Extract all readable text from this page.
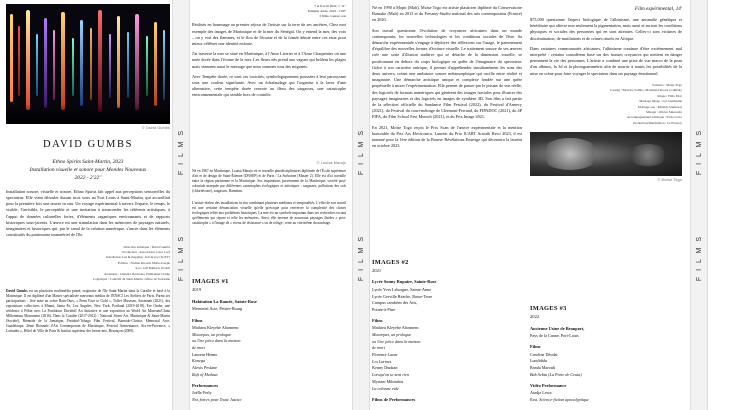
F I L M S
F I L M S
F I L M S
F I L M S
F I L M S
F I L M S
© David Gumbs
DAVID GUMBS
Ethno Spirits Saint-Martin, 2023
Installation visuelle et sonore pour Mondes Nouveaux
2022 - 2'22"

Installation sonore, visuelle et sonore, Ethno Spirits fait appel aux perceptions sensorielles du spectateur. Elle vient dérouler durant trois soirs au Fort Louis à Saint-Martin, qui accueillait pour la première fois une œuvre in situ. Un voyage expérimental à travers l'espace, le temps, le visible, l'invisible, le perceptible et une invitation à transcender les référents artistiques, à l'appui de données culturelles fortes, d'éléments organiques environnants et de rapports historiques sous-jacents. L'œuvre est une stimulation dans les mémoires de paysages naturels, imaginaires et historiques qui, par le canal de la création numérique, s'ancre dans les éléments constitutifs du patrimoine immatériel de l'île.

Direction artistique : David Gumbs
Production : Association Color Leaf
Installation Led & mapping : Kévin Joy (In-EY)
Édition : Nadine Ricardo Marie-Joseph
Son : Jeff Baillard, Ovaldi
Assistants : Chandra Ravinoka, Emmanuel Clarke
Logistique : Collectif de Saint-Martin, Office de Tourisme
David Gumbs est un plasticien multimédia primé, originaire de l'île Saint-Martin dans la Caraïbe et basé à la Martinique. Il est diplômé d'un Master spécialisée nouveaux médias de l'ENSCI Les Ateliers de Paris. Parmi ses participations : 1ère mise en scène Bain-Ours, « Prem Face to Gold », Toffer Museum, Savannah (2021), des expositions collectives à Miami, Santa Fe, Los Angeles, New York, Portland (2019-2018), Ere Ombe, une résidence à Pékin avec La Fondation Davidoff Art Initiative et une exposition au World Art Museum/China Millennium Monument (2016). Dans la Caraïbe (2017-2012) : National Street Art, Martinique & Saint-Martin (Société), Biennale de la Jamaïque, Pintobal-Tobago Film Festival, Barnado-Christa, Mémorial Acte, Guadeloupe, 2ème Biennale d'Art Contemporain de Martinique, Festival Artmemance, Aix-en-Provence, « Latitudes », Hôtel de Ville de Paris & Institut supérieur des beaux-arts, Besançon (2009).
7 et 8 avril 2022, 1' 11"
Tempête dorée, 2022 - 1'09"
3 films couleur, son

Réalisés en hommage au premier séjour de l'artiste sur la terre de ses ancêtres, Chez moi exemple des images de Martinique et de la mer du Sénégal. On y entend la mer, des voix – on y voit des flammes, et le flou de l'écume et de la fumée démie entre ces eaux pour mieux célébrer une identité enfouie.

J'ai traversé la mer se situe en Martinique, à l'Anse Lierrier et à l'Anse Charpentier où une nuée dorée dans l'écume de la mer. Les fleurs nés prend aux vagues qui brûlent les plages mais viennent aussi le message que nous sommes tous des migrants.

Avec Tempête dorée, ce sont ces toxicités, symbologiquement poussées à leur paroxysme sous une couleur signifiante. Avec un échafaudage qui l'organise à la laver d'une alternative, cette tempête dorée renvoie au fléau des sargasses, une catastrophe environnementale qui semble hors de contrôle.

© Louisa Marajo

Né en 1967 en Martinique, Louisa Marajo vit et travaille pluridisciplinaires diplômée de l'École supérieure d'art et de design de Saint-Étienne (DNSEP) et de Paris / La Sorbonne (Master 2). Elle est d'ici travaille entre la région parisienne et la Martinique. Ses inspirations proviennent de la Martinique, société post-coloniale marquée par différentes catastrophes écologiques et artistiques : sargasses, pollutions des sols (chlordécone), sargasses, Ramdom.

L'artiste réalise des installations in situ combinant plusieurs médiums et temporalités. L'effet de son travail est une certaine dénonciation visuelle qu'elle provoque pour renverser la complexité des choses écologiques reliés aux problèmes historiques. La mer est un symbole important dans ses recherches en tant qu'éléments qui sépare et relie les mémoires. Ainsi, elle invente de nouveaux paysages fluides « post-catastrophe » à l'image de « voeux de résistance » ou de refuge ; tenir au vite même du naufrage.

Né en 1990 à Mopti (Mali), Moïse Togo est artiste plasticien diplômé du Conservatoire Bamako (Mali) en 2013 et du Fresnoy-Studio national des arts contemporains (France) en 2020.

Son travail questionne l'évolution de croyances africaines dans un monde contemporain, les nouvelles technologies et les conditions sociales de l'être. Sa démarche expérimentale s'engage à déployer des réflexions sur l'usage, le paternement d'équilibre des nouvelles formes d'écriture visuelle. Le traitement sonore de ses œuvres crée une sorte d'illusion auditive qui se détache de la dimension visuelle, se positionnant en dehors du corps biologique en quête de l'imaginaire du spectateur. Grâce à son caractère onirique, il permet d'appréhender simultanément les sons des deux univers, créant une ambiance sonore métamorphique qui oscille entre réalité et imaginaire. Une démarche artistique unique et complexe fondée sur une quête perpétuelle à mixer l'expérimentation. Elle permet de passer par le prisme de vue réelle, des logiciels de formats numériques qui génèrent des images fractales pour illustrer des paysages imaginaires et des logiciels en images de synthèse 3D. Son film a fait partie de la sélection officielle du Sundance Film Festival (2022), du Festival d'Annecy (2021), du Festival du court-métrage de Clermont-Ferrand, du FIPADOC (2021), du 4P FIFA, du Film School Fest Munich (2021), et du Prix Image 2021.

En 2021, Moise Togo reçoit le Prix Scan de l'œuvre expérimentale et la mention honorable du Prix Ars Electronica. Lauréat du Prix ICART Artistik Reco 2023, il est nommé pour la 1ère édition de la Bourse Révélations Emerige qui décernera la lauréat en octobre 2023.

Film expérimental, 14'

$75,000 questionne l'aspect biologique de l'albinisme, une anomalie génétique et héréditaire qui affecte non seulement la pigmentation, mais aussi et surtout les conditions physiques et sociales des personnes qui en sont atteintes. Celles-ci sont victimes de discrimination, de mutilations et de crimes rituels en Afrique.

Dans certaines communautés africaines, l'albinisme continue d'être extrêmement mal interprété : certains considèrent basé sur des fausses croyances qui mettent en danger permanent la vie des personnes. L'artiste a combiné une prise de vue macro de la peau d'un albinos, la 3d et la photogrammétrie afin de nourrir à toutes les possibilités de la mise en scène pour faire voyager le spectateur dans un paysage émotionnel.

Scénario : Moïse Togo
Casting : Beatrice Sombo, Mohamed Traoré Coulibaly
Image : Félix Moy
Montage image : Lys Guillaume
Montage son : Mélanie Vaumoret
Mixage : Olivier Mauvezin
Accompagnement artistique : Pacle Corto
Production/Distribution : Le Fresnoy
© Moïse Togo
IMAGES #1
2019
Habitation La Ramée, Sainte-Rose
Memorial Acte, Petites-Bourg
Films
Mathieu Kleyebe Abonnenc
Macarpas, un prologue
ou Une pièce dans la maison
de mort
Laurent Henno
Konega
Alexis Peskine
Raft of Medusa
Performances
Joëlle Ferly
Nos forces pour Toute Justice
IMAGES #2
2021
Lycée Sonny Rupaire, Sainte-Rose
Lycée Yves Leborgne, Sainte-Anne
Lycée Gerville Réache, Basse-Terre
Campus carabéen des Arts,
Pointe-à-Pitre
Films
Mathieu Kleyebe Abonnenc
Macarpas, un prologue
ou Une pièce dans la maison
de mort
Florence Lazar
Les Larmes
Kenny Dunkan
Lorsqu'on se sent rien
Myriam Mihindou
La colonne vide
Films de Performances
IMAGES #3
2022
Ancienne Usine de Beauport,
Pays de la Canne, Port-Louis
Films
Caroline Déodat
Lundidida
Randa Maroufi
Bab Sebta (La Porte de Ceuta)
Vidéo Performance
Atadja Lewa
Exst. Science-fiction apocalyptique
